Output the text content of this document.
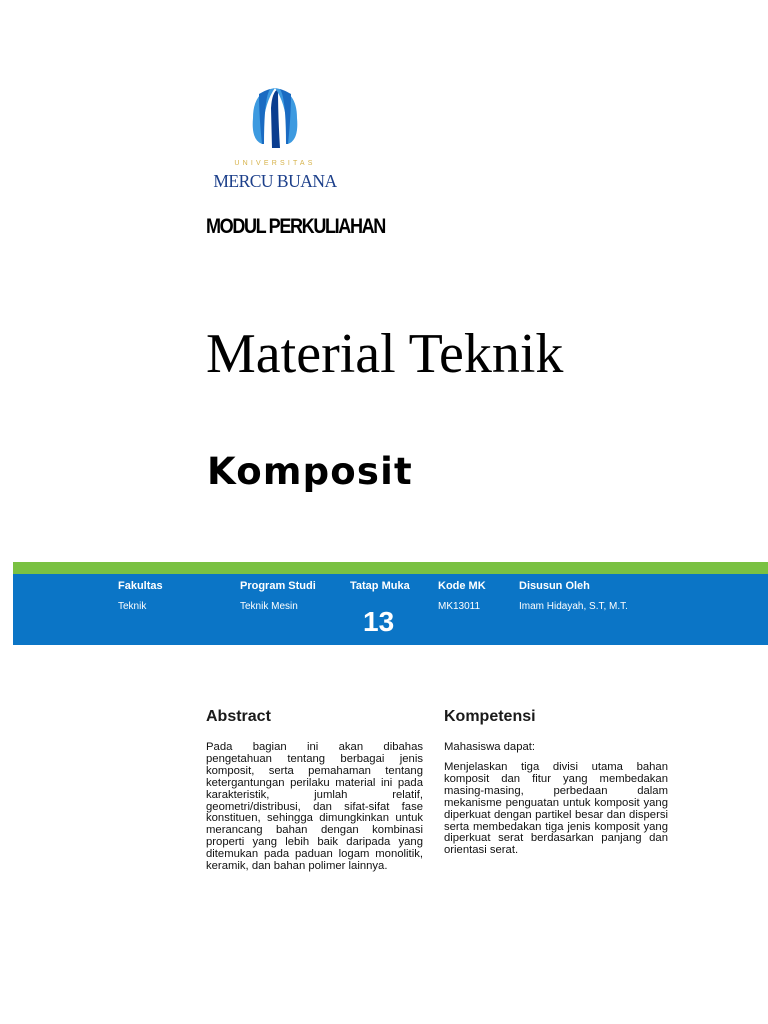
UNIVERSITAS
MERCU BUANA
MODUL PERKULIAHAN
Material Teknik
Komposit
Fakultas
Teknik
Program Studi
Teknik Mesin
Tatap Muka
13
Kode MK
MK13011
Disusun Oleh
Imam Hidayah, S.T, M.T.
Abstract
Pada bagian ini akan dibahas pengetahuan tentang berbagai jenis komposit, serta pemahaman tentang ketergantungan perilaku material ini pada karakteristik, jumlah relatif, geometri/distribusi, dan sifat-sifat fase konstituen, sehingga dimungkinkan untuk merancang bahan dengan kombinasi properti yang lebih baik daripada yang ditemukan pada paduan logam monolitik, keramik, dan bahan polimer lainnya.
Kompetensi
Mahasiswa dapat:
Menjelaskan tiga divisi utama bahan komposit dan fitur yang membedakan masing-masing, perbedaan dalam mekanisme penguatan untuk komposit yang diperkuat dengan partikel besar dan dispersi serta membedakan tiga jenis komposit yang diperkuat serat berdasarkan panjang dan orientasi serat.
